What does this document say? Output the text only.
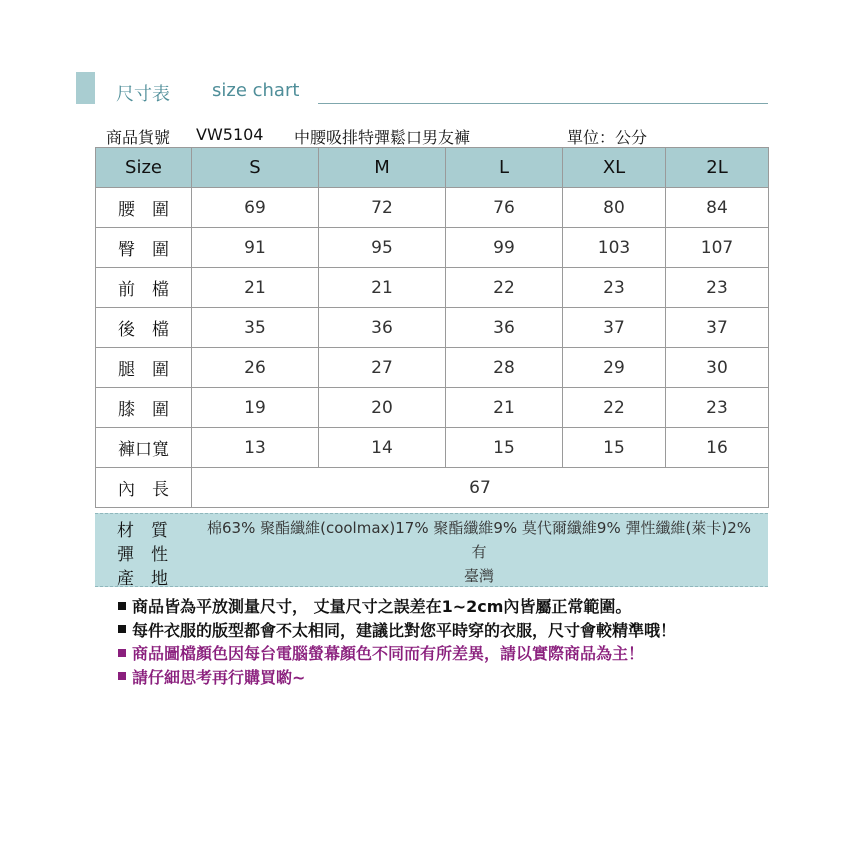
尺寸表 size chart
商品貨號 VW5104 中腰吸排特彈鬆口男友褲	單位：公分
Size	S	M	L	XL	2L
腰　圍	69	72	76	80	84
臀　圍	91	95	99	103	107
前　檔	21	21	22	23	23
後　檔	35	36	36	37	37
腿　圍	26	27	28	29	30
膝　圍	19	20	21	22	23
褲口寬	13	14	15	15	16
內　長	67				
材　質	棉63% 聚酯纖維(coolmax)17% 聚酯纖維9% 莫代爾纖維9% 彈性纖維(萊卡)2%
彈　性	有
產　地	臺灣
商品皆為平放測量尺寸， 丈量尺寸之誤差在1~2cm內皆屬正常範圍。
每件衣服的版型都會不太相同，建議比對您平時穿的衣服，尺寸會較精準哦！
商品圖檔顏色因每台電腦螢幕顏色不同而有所差異，請以實際商品為主！
請仔細思考再行購買喲~
